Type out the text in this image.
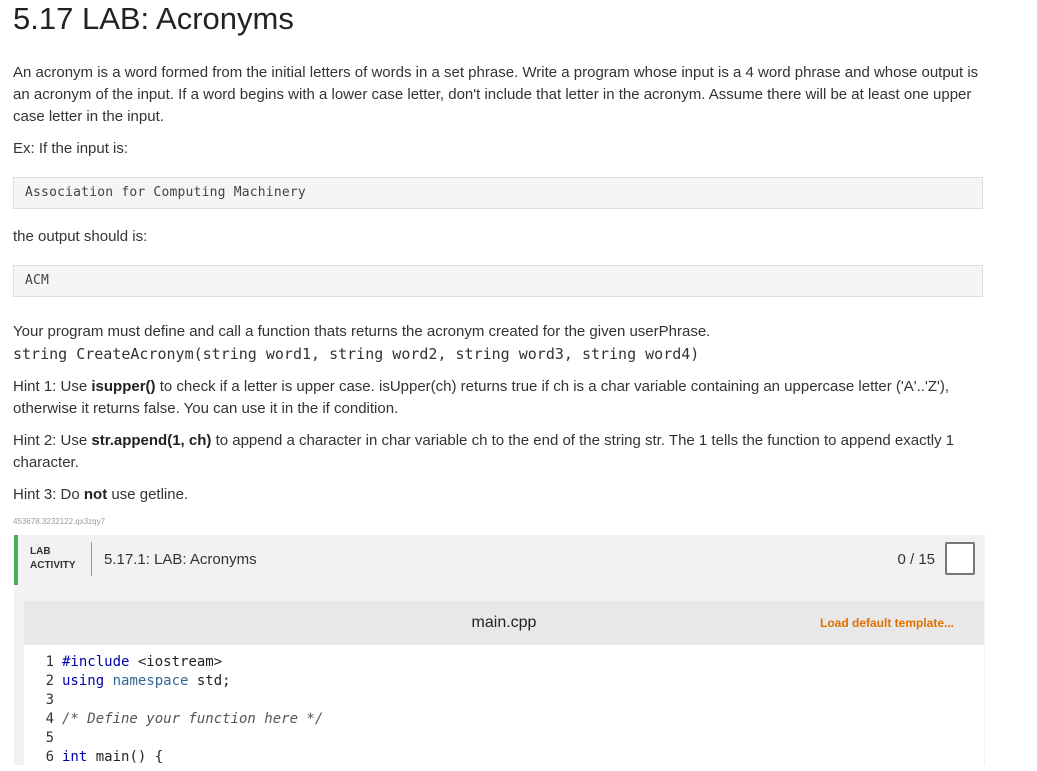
5.17 LAB: Acronyms

An acronym is a word formed from the initial letters of words in a set phrase. Write a program whose input is a 4 word phrase and whose output is an acronym of the input. If a word begins with a lower case letter, don't include that letter in the acronym. Assume there will be at least one upper case letter in the input.

Ex: If the input is:

Association for Computing Machinery

the output should is:

ACM

Your program must define and call a function thats returns the acronym created for the given userPhrase.

string CreateAcronym(string word1, string word2, string word3, string word4)

Hint 1: Use isupper() to check if a letter is upper case. isUpper(ch) returns true if ch is a char variable containing an uppercase letter ('A'..'Z'), otherwise it returns false. You can use it in the if condition.

Hint 2: Use str.append(1, ch) to append a character in char variable ch to the end of the string str. The 1 tells the function to append exactly 1 character.

Hint 3: Do not use getline.

453678.3232122.qx3zqy7
LAB
ACTIVITY 5.17.1: LAB: Acronyms	0 / 15
main.cpp	Load default template...
1 #include <iostream>
2 using namespace std;
3
4 /* Define your function here */
5
6 int main() {
